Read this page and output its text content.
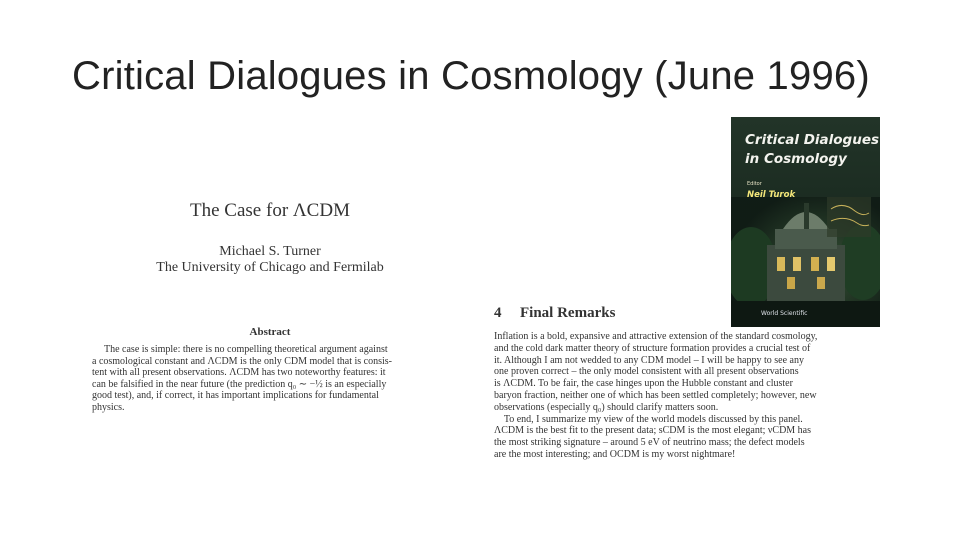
Critical Dialogues in Cosmology (June 1996)
The Case for ΛCDM
Michael S. Turner
The University of Chicago and Fermilab
Abstract
The case is simple: there is no compelling theoretical argument against
a cosmological constant and ΛCDM is the only CDM model that is consis-
tent with all present observations. ΛCDM has two noteworthy features: it
can be falsified in the near future (the prediction q₀ ∼ −½ is an especially
good test), and, if correct, it has important implications for fundamental
physics.
Critical Dialogues
in Cosmology
Editor
Neil Turok
World Scientific
4 Final Remarks
Inflation is a bold, expansive and attractive extension of the standard cosmology,
and the cold dark matter theory of structure formation provides a crucial test of
it. Although I am not wedded to any CDM model – I will be happy to see any
one proven correct – the only model consistent with all present observations
is ΛCDM. To be fair, the case hinges upon the Hubble constant and cluster
baryon fraction, neither one of which has been settled completely; however, new
observations (especially q₀) should clarify matters soon.
To end, I summarize my view of the world models discussed by this panel.
ΛCDM is the best fit to the present data; sCDM is the most elegant; νCDM has
the most striking signature – around 5 eV of neutrino mass; the defect models
are the most interesting; and OCDM is my worst nightmare!
